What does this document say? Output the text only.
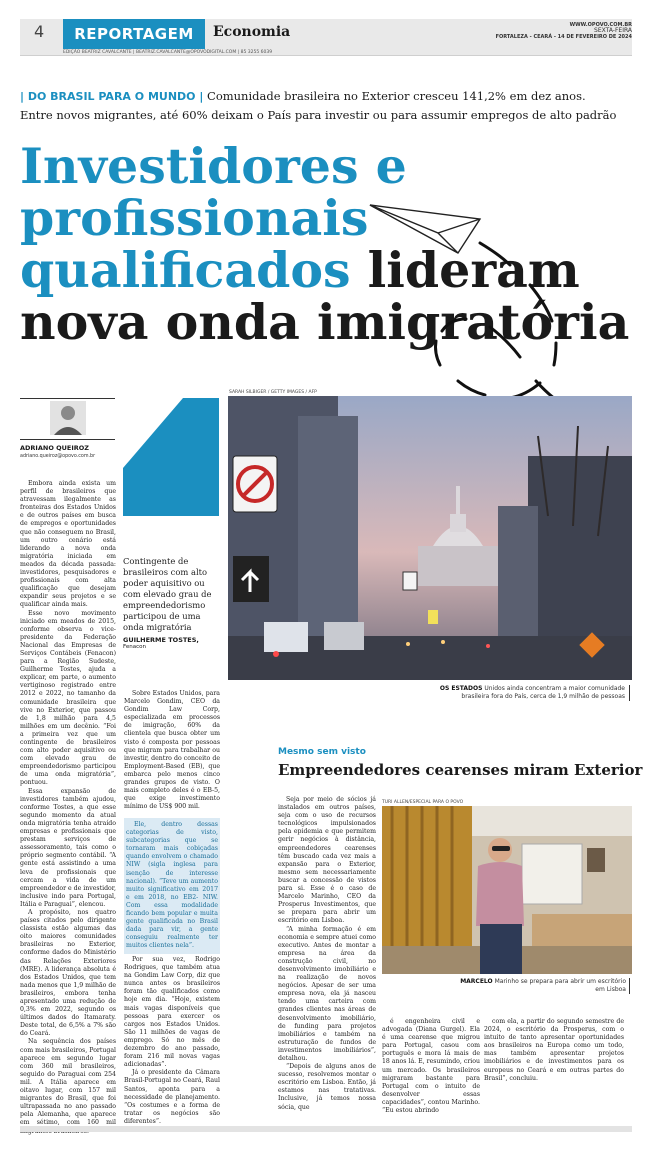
4	REPORTAGEM	Economia	WWW.OPOVO.COM.BR
SEXTA-FEIRA
FORTALEZA - CEARÁ - 14 DE FEVEREIRO DE 2024
EDIÇÃO BEATRIZ CAVALCANTE | BEATRIZ.CAVALCANTE@OPOVODIGITAL.COM | 85 3255 6039
| DO BRASIL PARA O MUNDO | Comunidade brasileira no Exterior cresceu 141,2% em dez anos.
Entre novos migrantes, até 60% deixam o País para investir ou para assumir empregos de alto padrão
Investidores e
profissionais
qualificados lideram
nova onda imigratória
ADRIANO QUEIROZ
adriano.queiroz@opovo.com.br
Contingente de brasileiros com alto poder aquisitivo ou com elevado grau de empreendedorismo participou de uma onda migratória
GUILHERME TOSTES,
Fenacon
SARAH SILBIGER / GETTY IMAGES / AFP
OS ESTADOS Unidos ainda concentram a maior comunidade brasileira fora do País, cerca de 1,9 milhão de pessoas

Embora ainda exista um perfil de brasileiros que atravessam ilegalmente as fronteiras dos Estados Unidos e de outros países em busca de empregos e oportunidades que não conseguem no Brasil, um outro cenário está liderando a nova onda migratória iniciada em meados da década passada: investidores, pesquisadores e profissionais com alta qualificação que desejam expandir seus projetos e se qualificar ainda mais.

Esse novo movimento iniciado em meados de 2015, conforme observa o vice-presidente da Federação Nacional das Empresas de Serviços Contábeis (Fenacon) para a Região Sudeste, Guilherme Tostes, ajuda a explicar, em parte, o aumento vertiginoso registrado entre 2012 e 2022, no tamanho da comunidade brasileira que vive no Exterior, que passou de 1,8 milhão para 4,5 milhões em um decênio. “Foi a primeira vez que um contingente de brasileiros com alto poder aquisitivo ou com elevado grau de empreendedorismo participou de uma onda migratória”, pontuou.

Essa expansão de investidores também ajudou, conforme Tostes, a que esse segundo momento da atual onda migratória tenha atraído empresas e profissionais que prestam serviços de assessoramento, tais como o próprio segmento contábil. “A gente está assistindo a uma leva de profissionais que cercam a vida de um empreendedor e de investidor, inclusive indo para Portugal, Itália e Paraguai”, elencou.

A propósito, nos quatro países citados pelo dirigente classista estão algumas das oito maiores comunidades brasileiras no Exterior, conforme dados do Ministério das Relações Exteriores (MRE). A liderança absoluta é dos Estados Unidos, que tem nada menos que 1,9 milhão de brasileiros, embora tenha apresentado uma redução de 0,3% em 2022, segundo os últimos dados do Itamaraty. Deste total, de 6,5% a 7% são do Ceará.

Na sequência dos países com mais brasileiros, Portugal aparece em segundo lugar com 360 mil brasileiros, seguido do Paraguai com 254 mil. A Itália aparece em oitavo lugar, com 157 mil migrantes do Brasil, que foi ultrapassada no ano passado pela Alemanha, que aparece em sétimo, com 160 mil

Sobre Estados Unidos, para Marcelo Gondim, CEO da Gondim Law Corp, especializada em processos de imigração, 60% da clientela que busca obter um visto é composta por pessoas que migram para trabalhar ou investir, dentro do conceito de Employment-Based (EB), que embarca pelo menos cinco grandes grupos de visto. O mais completo deles é o EB-5, que exige investimento mínimo de US$ 900 mil.

Ele, dentro dessas categorias de visto, subcategorias que se tornaram mais cobiçadas quando envolvem o chamado NIW (sigla inglesa para isenção de interesse nacional). “Teve um aumento muito significativo em 2017 e em 2018, no EB2- NIW. Com essa modalidade ficando bem popular e muita gente qualificada no Brasil dada para vir, a gente conseguiu realmente ter muitos clientes nela”.

Por sua vez, Rodrigo Rodrigues, que também atua na Gondim Law Corp, diz que nunca antes os brasileiros foram tão qualificados como hoje em dia. “Hoje, existem mais vagas disponíveis que pessoas para exercer os cargos nos Estados Unidos. São 11 milhões de vagas de emprego. Só no mês de dezembro do ano passado, foram 216 mil novas vagas adicionadas”.

Já o presidente da Câmara Brasil-Portugal no Ceará, Raul Santos, aponta para a necessidade de planejamento. “Os costumes e a forma de tratar os negócios são diferentes”.

Mesmo sem visto
Empreendedores cearenses miram Exterior

Seja por meio de sócios já instalados em outros países, seja com o uso de recursos tecnológicos impulsionados pela epidemia e que permitem gerir negócios à distância, empreendedores cearenses têm buscado cada vez mais a expansão para o Exterior, mesmo sem necessariamente buscar a concessão de vistos para si. Esse é o caso de Marcelo Marinho, CEO da Prosperus Investimentos, que se prepara para abrir um escritório em Lisboa.

“A minha formação é em economia e sempre atuei como executivo. Antes de montar a empresa na área da construção civil, no desenvolvimento imobiliário e na realização de novos negócios. Apesar de ser uma empresa nova, ela já nasceu tendo uma carteira com grandes clientes nas áreas de desenvolvimento imobiliário, de funding para projetos imobiliários e também na estruturação de fundos de investimentos imobiliários”, detalhou.

“Depois de alguns anos de sucesso, resolvemos montar o escritório em Lisboa. Então, já estamos nas tratativas. Inclusive, já temos nossa sócia, que

TURI ALLEN/ESPECIAL PARA O POVO
MARCELO Marinho se prepara para abrir um escritório em Lisboa

é engenheira civil e advogada (Diana Gurgel). Ela é uma cearense que migrou para Portugal, casou com português e mora lá mais de 18 anos lá. E, resumindo, criou um mercado. Os brasileiros migraram bastante para Portugal com o intuito de desenvolver essas capacidades”, contou Marinho. “Eu estou abrindo

com ela, a partir do segundo semestre de 2024, o escritório da Prosperus, com o intuito de tanto apresentar oportunidades aos brasileiros na Europa como um todo, mas também apresentar projetos imobiliários e de investimentos para os europeus no Ceará e em outras partes do Brasil”, concluiu.
